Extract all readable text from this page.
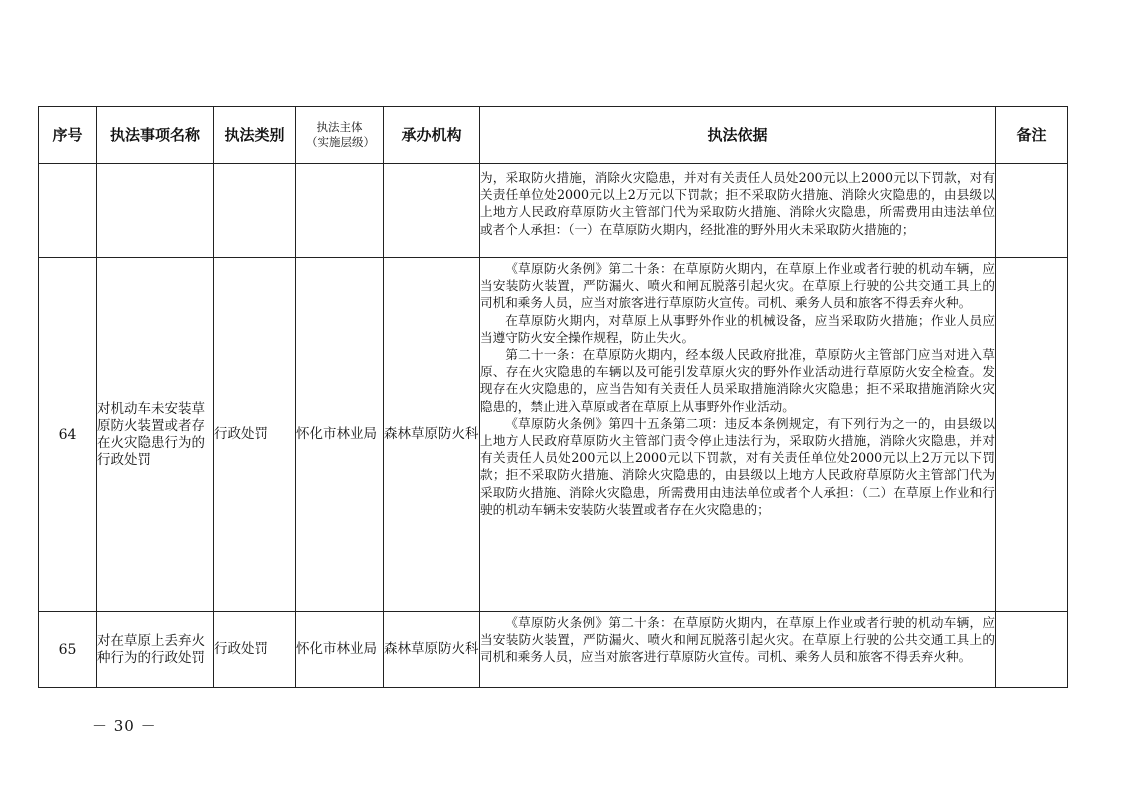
序号	执法事项名称	执法类别	执法主体（实施层级）	承办机构	执法依据	备注

					为，采取防火措施，消除火灾隐患，并对有关责任人员处200元以上2000元以下罚款，对有关责任单位处2000元以上2万元以下罚款；拒不采取防火措施、消除火灾隐患的，由县级以上地方人民政府草原防火主管部门代为采取防火措施、消除火灾隐患，所需费用由违法单位或者个人承担：（一）在草原防火期内，经批准的野外用火未采取防火措施的；	

64	对机动车未安装草原防火装置或者存在火灾隐患行为的行政处罚	行政处罚	怀化市林业局	森林草原防火科	《草原防火条例》第二十条：在草原防火期内，在草原上作业或者行驶的机动车辆，应当安装防火装置，严防漏火、喷火和闸瓦脱落引起火灾。在草原上行驶的公共交通工具上的司机和乘务人员，应当对旅客进行草原防火宣传。司机、乘务人员和旅客不得丢弃火种。
在草原防火期内，对草原上从事野外作业的机械设备，应当采取防火措施；作业人员应当遵守防火安全操作规程，防止失火。
第二十一条：在草原防火期内，经本级人民政府批准，草原防火主管部门应当对进入草原、存在火灾隐患的车辆以及可能引发草原火灾的野外作业活动进行草原防火安全检查。发现存在火灾隐患的，应当告知有关责任人员采取措施消除火灾隐患；拒不采取措施消除火灾隐患的，禁止进入草原或者在草原上从事野外作业活动。
《草原防火条例》第四十五条第二项：违反本条例规定，有下列行为之一的，由县级以上地方人民政府草原防火主管部门责令停止违法行为，采取防火措施，消除火灾隐患，并对有关责任人员处200元以上2000元以下罚款，对有关责任单位处2000元以上2万元以下罚款；拒不采取防火措施、消除火灾隐患的，由县级以上地方人民政府草原防火主管部门代为采取防火措施、消除火灾隐患，所需费用由违法单位或者个人承担：（二）在草原上作业和行驶的机动车辆未安装防火装置或者存在火灾隐患的；	

65	对在草原上丢弃火种行为的行政处罚	行政处罚	怀化市林业局	森林草原防火科	《草原防火条例》第二十条：在草原防火期内，在草原上作业或者行驶的机动车辆，应当安装防火装置，严防漏火、喷火和闸瓦脱落引起火灾。在草原上行驶的公共交通工具上的司机和乘务人员，应当对旅客进行草原防火宣传。司机、乘务人员和旅客不得丢弃火种。	

－ 30 －
